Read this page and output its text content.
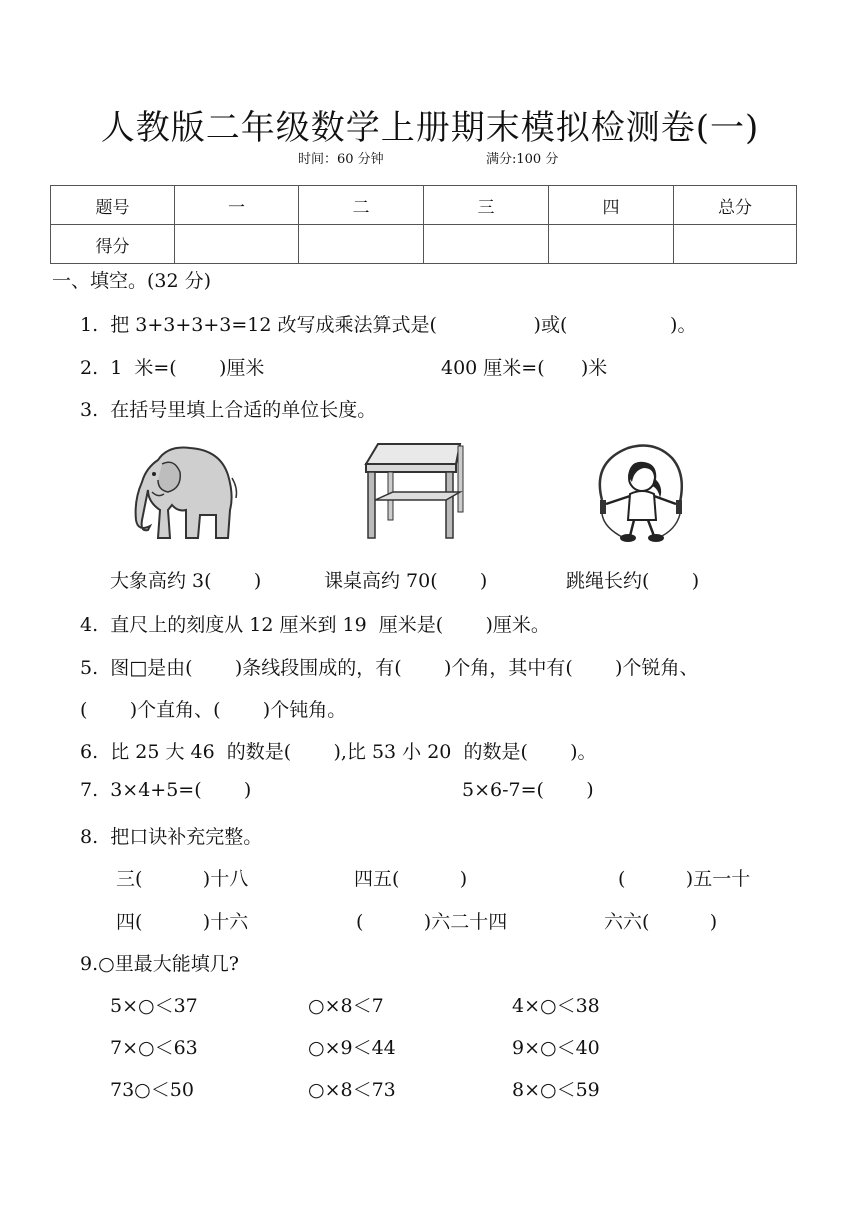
人教版二年级数学上册期末模拟检测卷(一)
时间：60 分钟	满分:100 分
题号	一	二	三	四	总分
得分					
一、填空。(32 分)
1.  把 3+3+3+3=12 改写成乘法算式是(                )或(                 )。
2.  1  米=(       )厘米	400 厘米=(      )米
3.  在括号里填上合适的单位长度。
大象高约 3(       )	课桌高约 70(       )	跳绳长约(       )
4.  直尺上的刻度从 12 厘米到 19  厘米是(       )厘米。
5.  图□是由(       )条线段围成的，有(       )个角，其中有(       )个锐角、
(       )个直角、(       )个钝角。
6.  比 25 大 46  的数是(       ),比 53 小 20  的数是(       )。
7.  3×4+5=(       )	5×6-7=(       )
8.  把口诀补充完整。
三(          )十八	四五(          )	(          )五一十
四(          )十六	(          )六二十四	六六(          )
9.○里最大能填几?
5×○＜37	○×8＜7	4×○＜38
7×○＜63	○×9＜44	9×○＜40
73○＜50	○×8＜73	8×○＜59
